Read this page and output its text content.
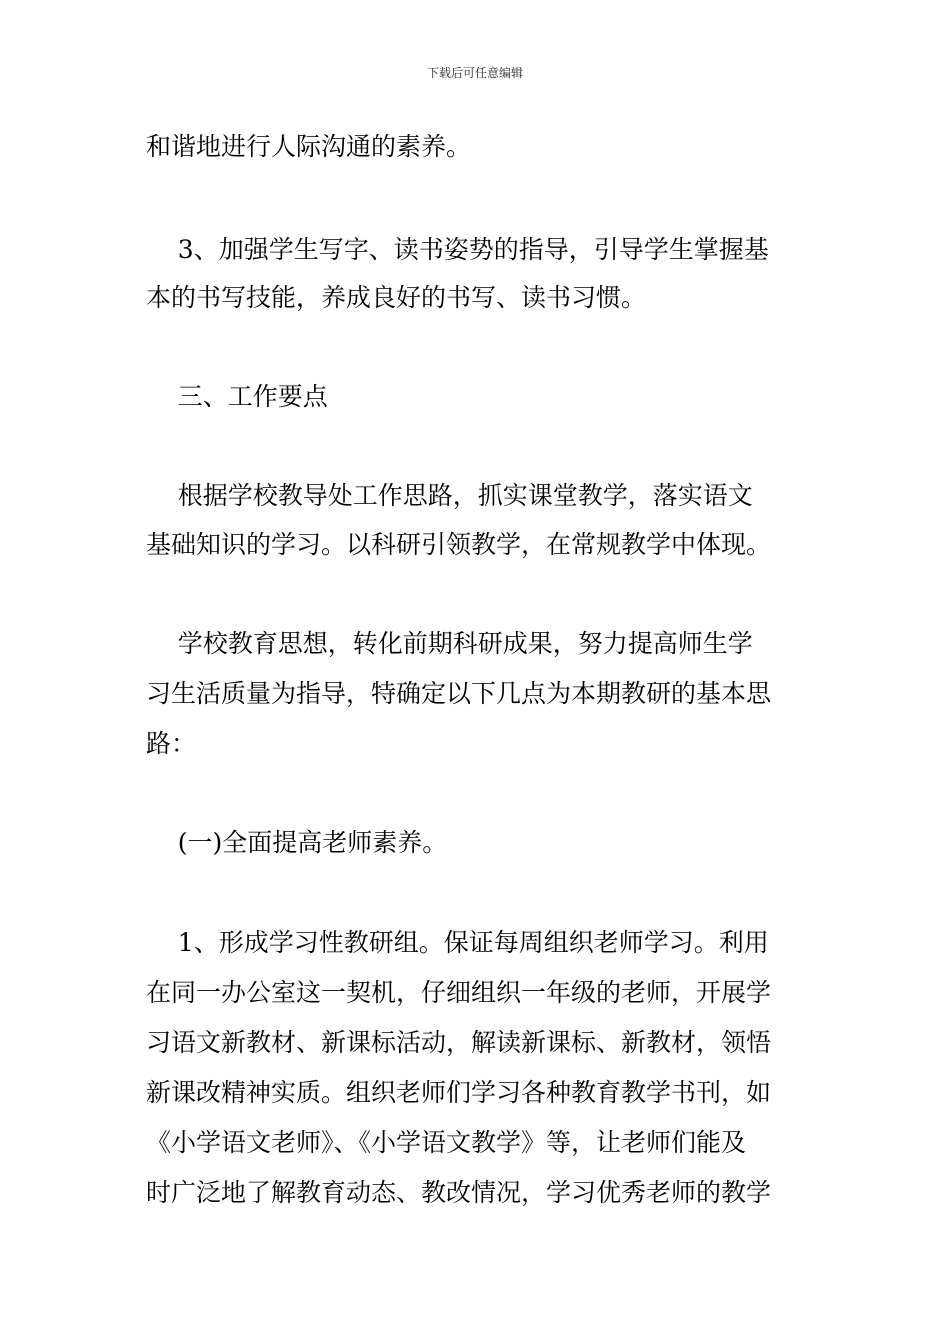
下载后可任意编辑
和谐地进行人际沟通的素养。
3、加强学生写字、读书姿势的指导，引导学生掌握基
本的书写技能，养成良好的书写、读书习惯。
三、工作要点
根据学校教导处工作思路，抓实课堂教学，落实语文
基础知识的学习。以科研引领教学，在常规教学中体现。
学校教育思想，转化前期科研成果，努力提高师生学
习生活质量为指导，特确定以下几点为本期教研的基本思
路：
(一)全面提高老师素养。
1、形成学习性教研组。保证每周组织老师学习。利用
在同一办公室这一契机，仔细组织一年级的老师，开展学
习语文新教材、新课标活动，解读新课标、新教材，领悟
新课改精神实质。组织老师们学习各种教育教学书刊，如
《小学语文老师》、《小学语文教学》等，让老师们能及
时广泛地了解教育动态、教改情况，学习优秀老师的教学
